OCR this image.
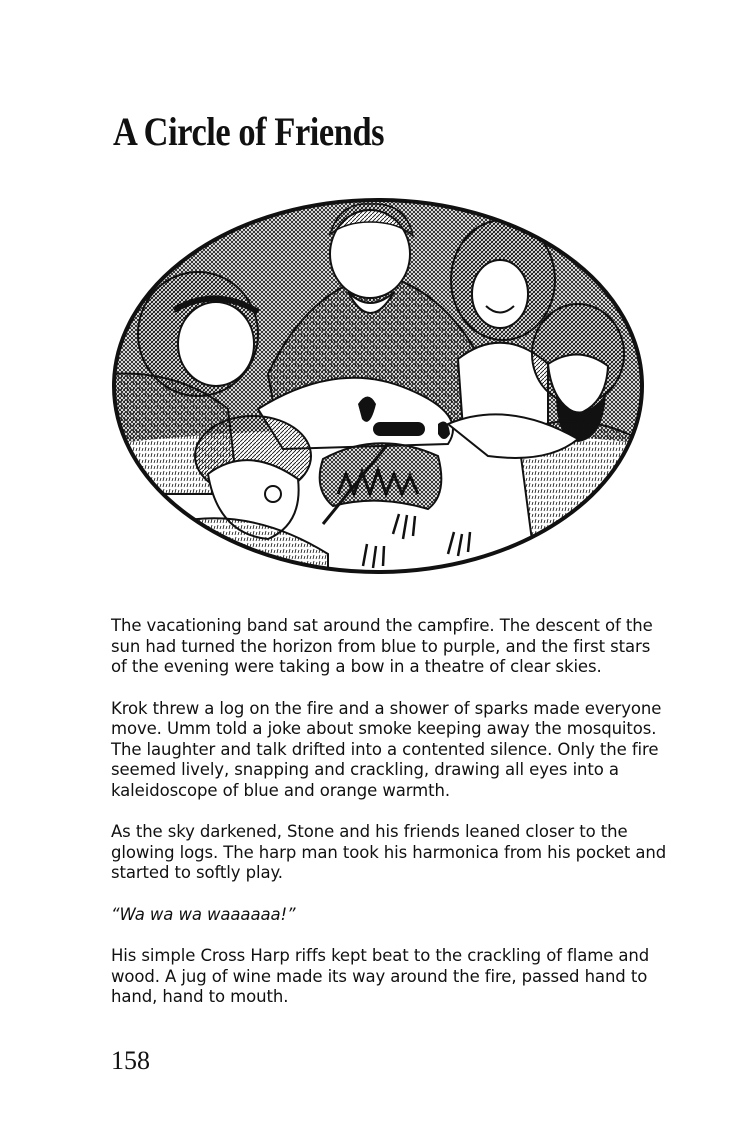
A Circle of Friends

The vacationing band sat around the campfire. The descent of the sun had turned the horizon from blue to purple, and the first stars of the evening were taking a bow in a theatre of clear skies.

Krok threw a log on the fire and a shower of sparks made everyone move. Umm told a joke about smoke keeping away the mosquitos. The laughter and talk drifted into a contented silence. Only the fire seemed lively, snapping and crackling, drawing all eyes into a kaleidoscope of blue and orange warmth.

As the sky darkened, Stone and his friends leaned closer to the glowing logs. The harp man took his harmonica from his pocket and started to softly play.

“Wa wa wa waaaaaa!”

His simple Cross Harp riffs kept beat to the crackling of flame and wood. A jug of wine made its way around the fire, passed hand to hand, hand to mouth.

158
